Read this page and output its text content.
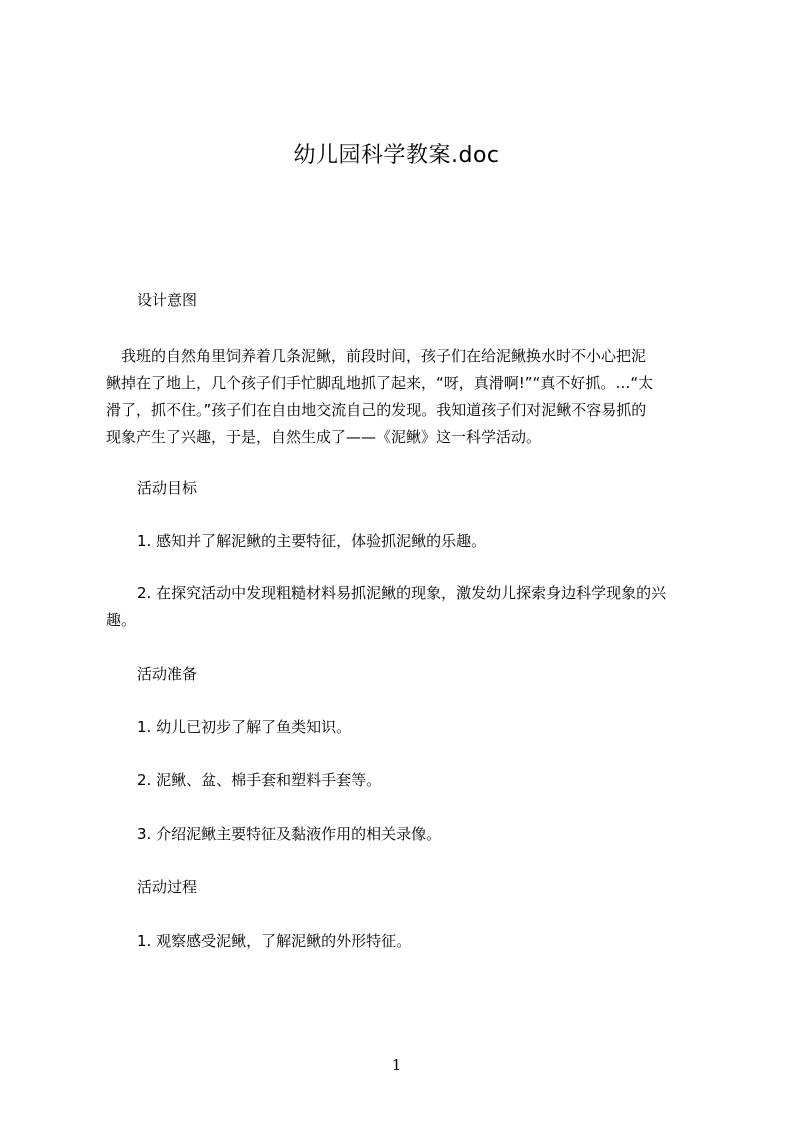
幼儿园科学教案.doc
设计意图
　我班的自然角里饲养着几条泥鳅，前段时间，孩子们在给泥鳅换水时不小心把泥
鳅掉在了地上，几个孩子们手忙脚乱地抓了起来，“呀，真滑啊!”“真不好抓。…“太
滑了，抓不住。”孩子们在自由地交流自己的发现。我知道孩子们对泥鳅不容易抓的
现象产生了兴趣，于是，自然生成了——《泥鳅》这一科学活动。
活动目标
1. 感知并了解泥鳅的主要特征，体验抓泥鳅的乐趣。
2. 在探究活动中发现粗糙材料易抓泥鳅的现象，激发幼儿探索身边科学现象的兴
趣。
活动准备
1. 幼儿已初步了解了鱼类知识。
2. 泥鳅、盆、棉手套和塑料手套等。
3. 介绍泥鳅主要特征及黏液作用的相关录像。
活动过程
1. 观察感受泥鳅，了解泥鳅的外形特征。
1
